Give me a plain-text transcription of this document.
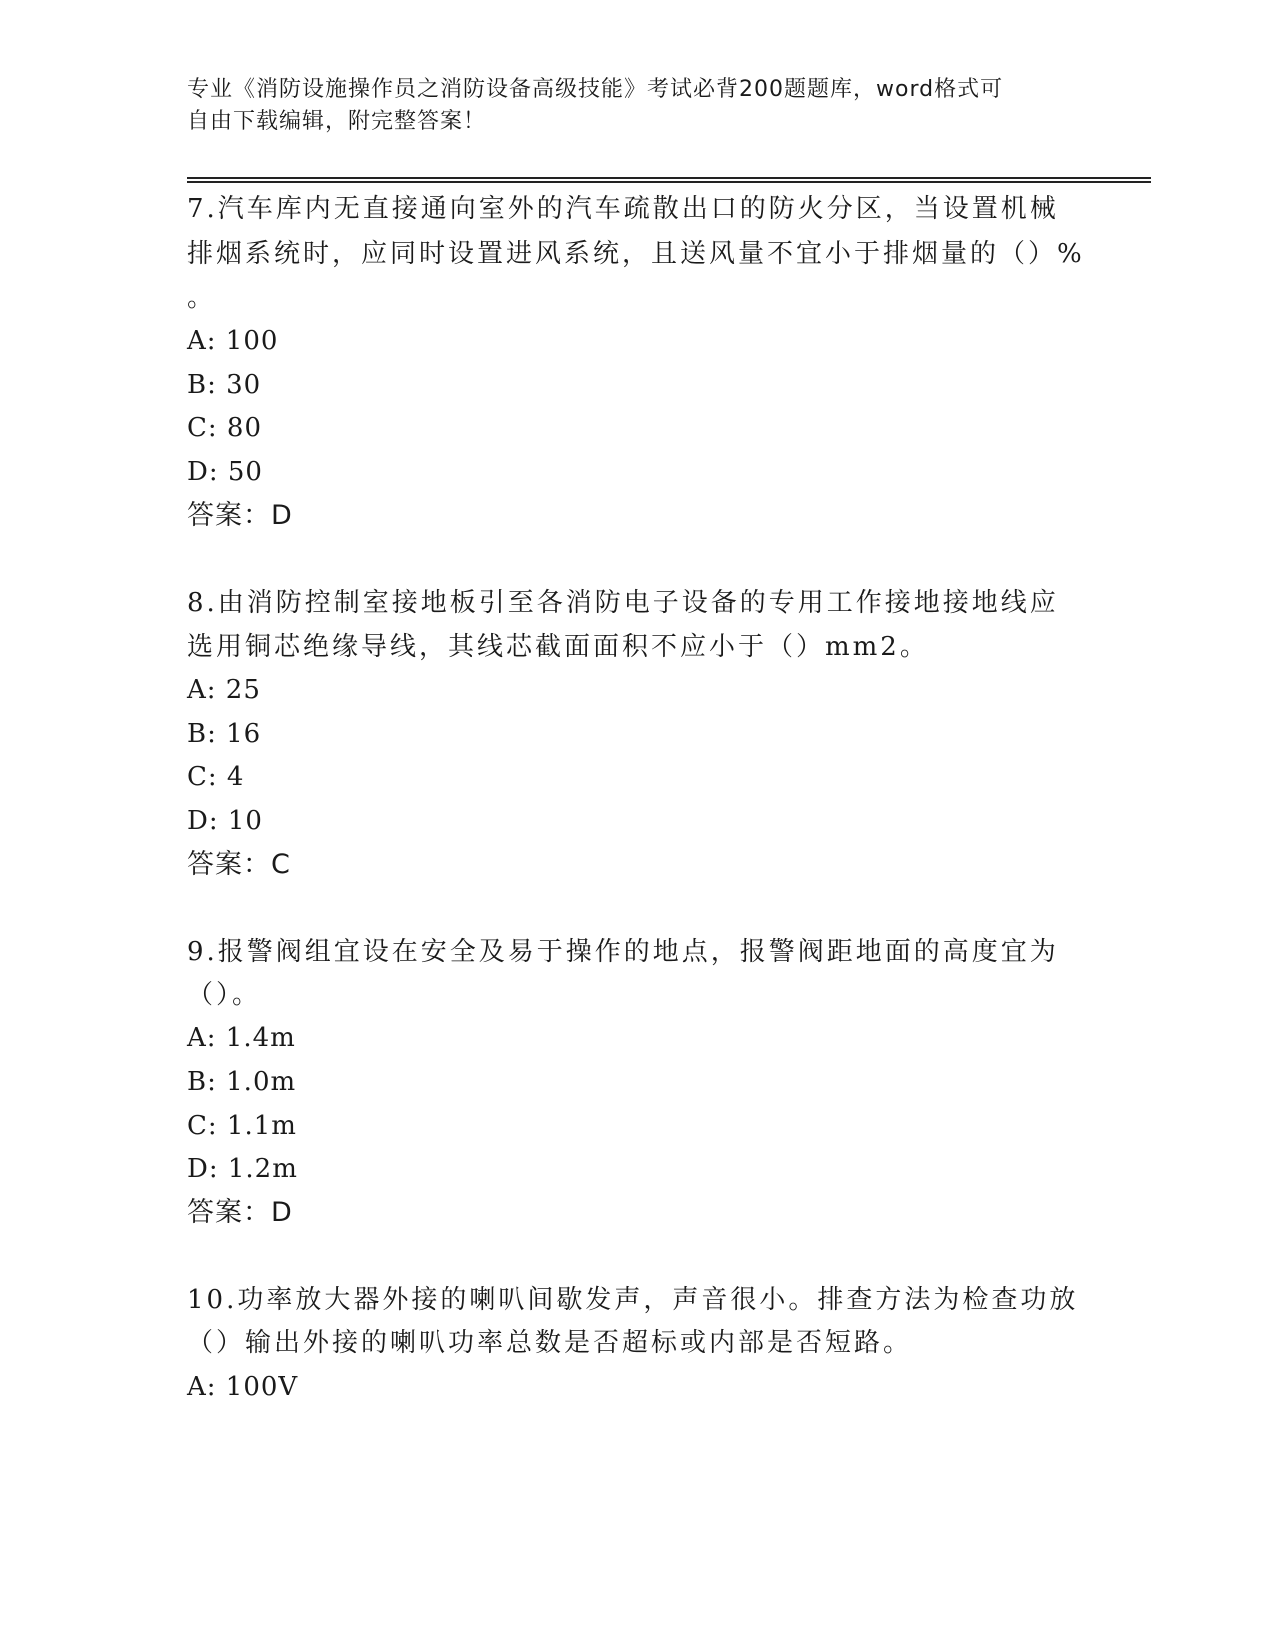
专业《消防设施操作员之消防设备高级技能》考试必背200题题库，word格式可
自由下载编辑，附完整答案！
7.汽车库内无直接通向室外的汽车疏散出口的防火分区，当设置机械
排烟系统时，应同时设置进风系统，且送风量不宜小于排烟量的（）%
。
A: 100
B: 30
C: 80
D: 50
答案：D
8.由消防控制室接地板引至各消防电子设备的专用工作接地接地线应
选用铜芯绝缘导线，其线芯截面面积不应小于（）mm2。
A: 25
B: 16
C: 4
D: 10
答案：C
9.报警阀组宜设在安全及易于操作的地点，报警阀距地面的高度宜为
（）。
A: 1.4m
B: 1.0m
C: 1.1m
D: 1.2m
答案：D
10.功率放大器外接的喇叭间歇发声，声音很小。排查方法为检查功放
（）输出外接的喇叭功率总数是否超标或内部是否短路。
A: 100V
